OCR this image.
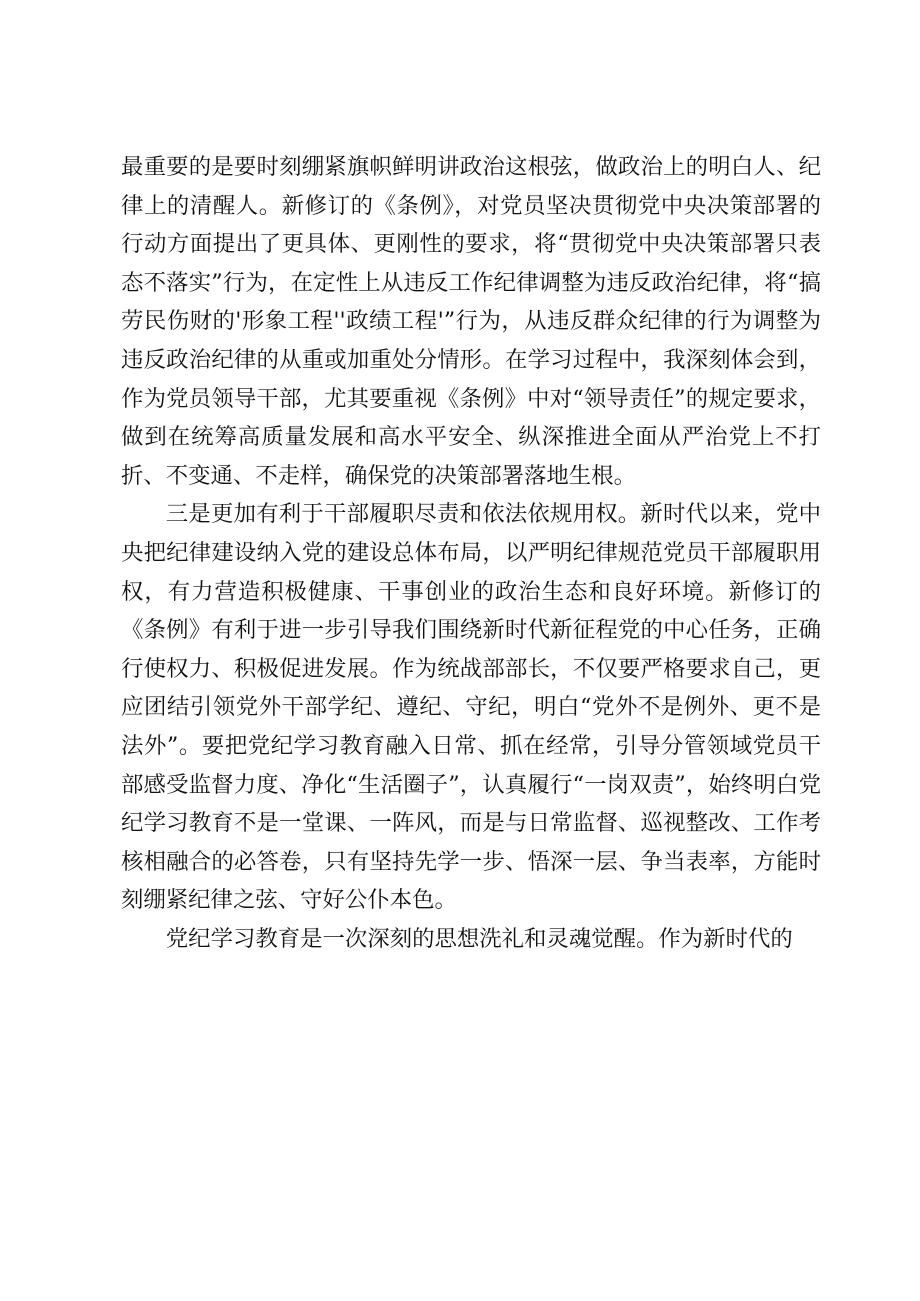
最重要的是要时刻绷紧旗帜鲜明讲政治这根弦，做政治上的明白人、纪律上的清醒人。新修订的《条例》，对党员坚决贯彻党中央决策部署的行动方面提出了更具体、更刚性的要求，将“贯彻党中央决策部署只表态不落实”行为，在定性上从违反工作纪律调整为违反政治纪律，将“搞劳民伤财的'形象工程''政绩工程'”行为，从违反群众纪律的行为调整为违反政治纪律的从重或加重处分情形。在学习过程中，我深刻体会到，作为党员领导干部，尤其要重视《条例》中对“领导责任”的规定要求，做到在统筹高质量发展和高水平安全、纵深推进全面从严治党上不打折、不变通、不走样，确保党的决策部署落地生根。

三是更加有利于干部履职尽责和依法依规用权。新时代以来，党中央把纪律建设纳入党的建设总体布局，以严明纪律规范党员干部履职用权，有力营造积极健康、干事创业的政治生态和良好环境。新修订的《条例》有利于进一步引导我们围绕新时代新征程党的中心任务，正确行使权力、积极促进发展。作为统战部部长，不仅要严格要求自己，更应团结引领党外干部学纪、遵纪、守纪，明白“党外不是例外、更不是法外”。要把党纪学习教育融入日常、抓在经常，引导分管领域党员干部感受监督力度、净化“生活圈子”，认真履行“一岗双责”，始终明白党纪学习教育不是一堂课、一阵风，而是与日常监督、巡视整改、工作考核相融合的必答卷，只有坚持先学一步、悟深一层、争当表率，方能时刻绷紧纪律之弦、守好公仆本色。

党纪学习教育是一次深刻的思想洗礼和灵魂觉醒。作为新时代的
